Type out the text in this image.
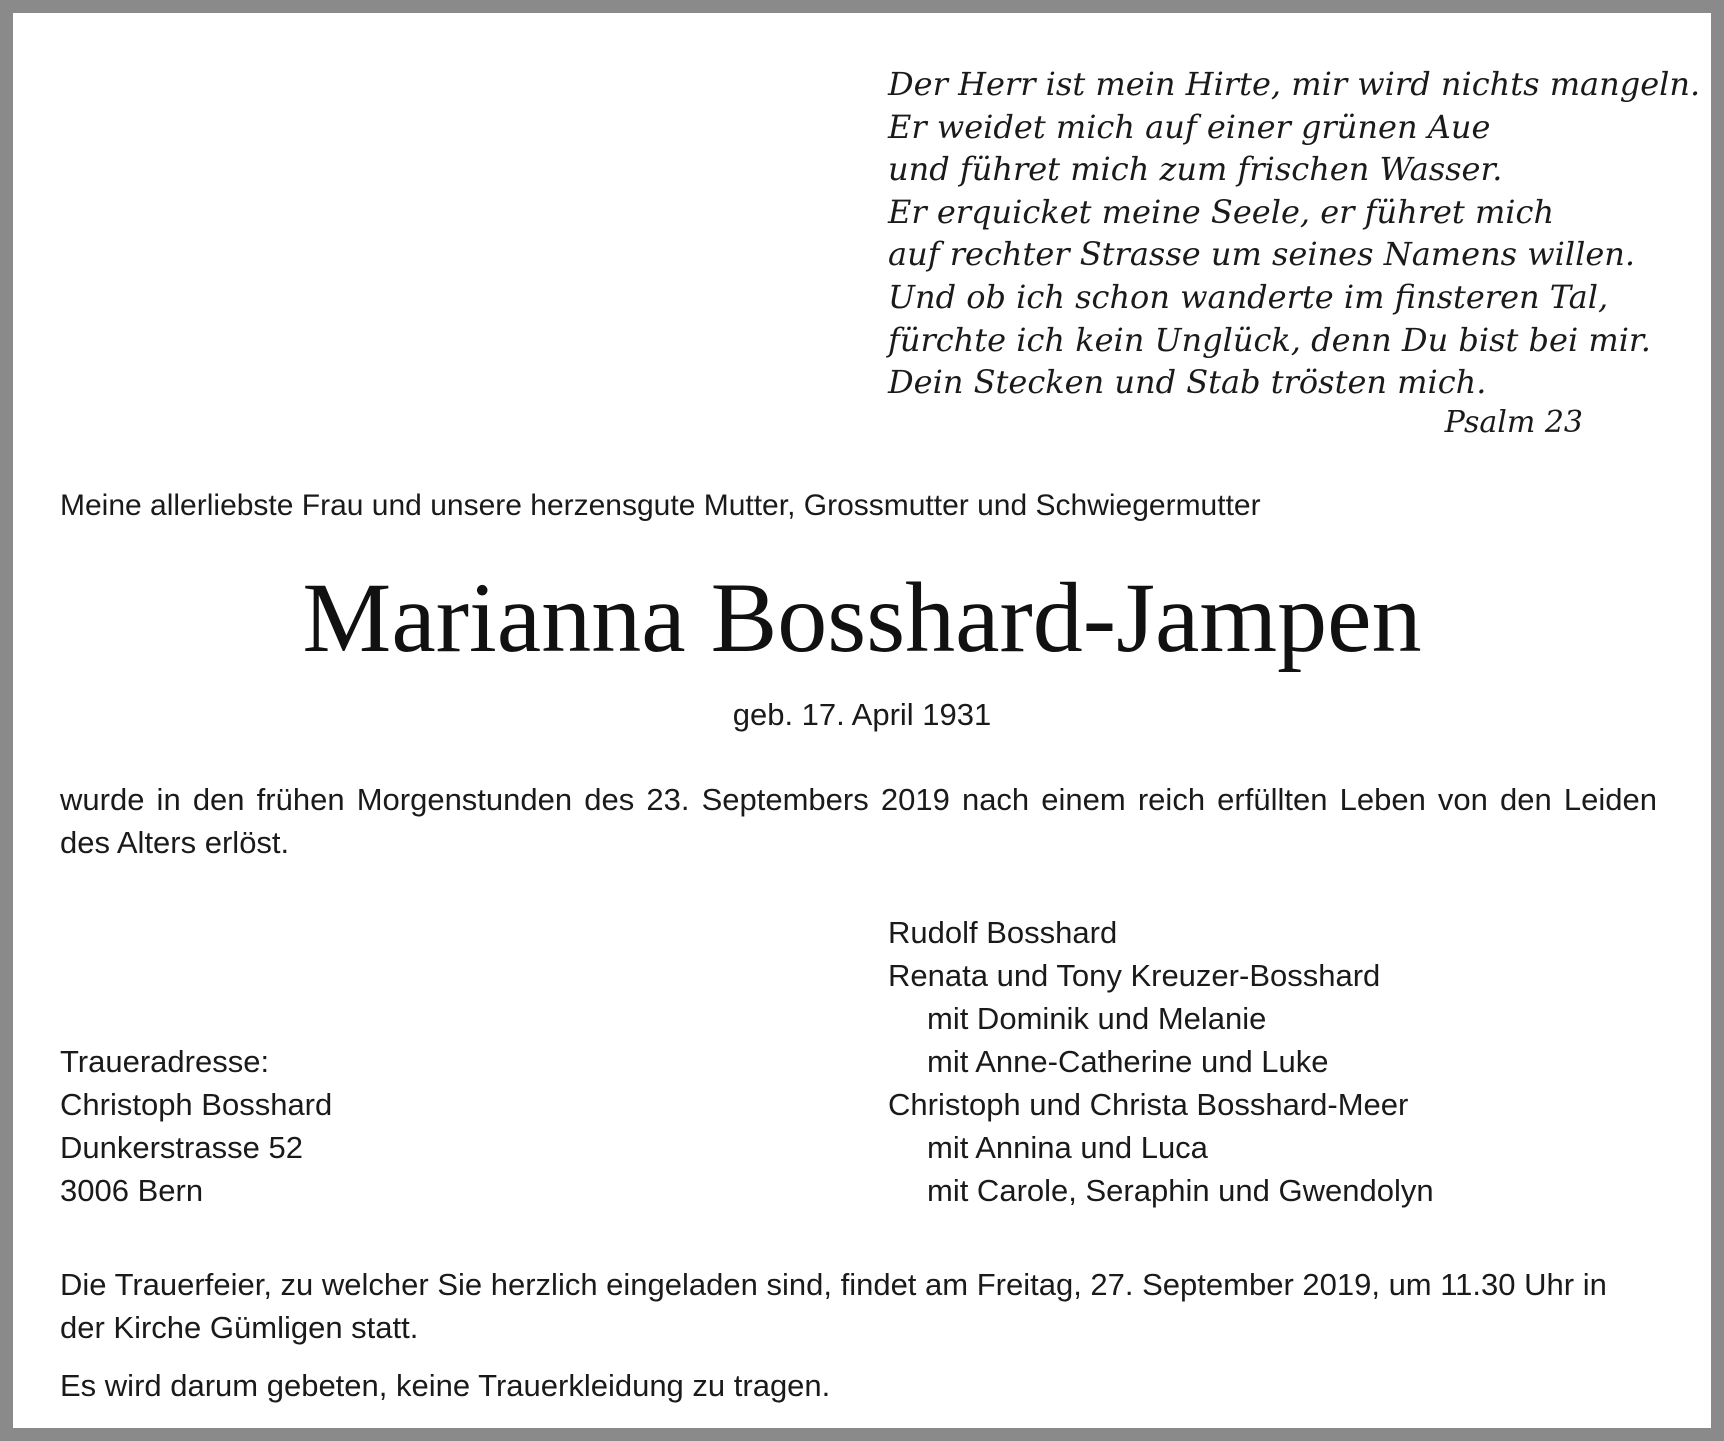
Der Herr ist mein Hirte, mir wird nichts mangeln.
Er weidet mich auf einer grünen Aue
und führet mich zum frischen Wasser.
Er erquicket meine Seele, er führet mich
auf rechter Strasse um seines Namens willen.
Und ob ich schon wanderte im finsteren Tal,
fürchte ich kein Unglück, denn Du bist bei mir.
Dein Stecken und Stab trösten mich.
Psalm 23
Meine allerliebste Frau und unsere herzensgute Mutter, Grossmutter und Schwiegermutter
Marianna Bosshard-Jampen
geb. 17. April 1931
wurde in den frühen Morgenstunden des 23. Septembers 2019 nach einem reich erfüllten Leben von den Leiden des Alters erlöst.
Traueradresse:
Christoph Bosshard
Dunkerstrasse 52
3006 Bern
Rudolf Bosshard
Renata und Tony Kreuzer-Bosshard
mit Dominik und Melanie
mit Anne-Catherine und Luke
Christoph und Christa Bosshard-Meer
mit Annina und Luca
mit Carole, Seraphin und Gwendolyn
Die Trauerfeier, zu welcher Sie herzlich eingeladen sind, findet am Freitag, 27. September 2019, um 11.30 Uhr in der Kirche Gümligen statt.
Es wird darum gebeten, keine Trauerkleidung zu tragen.
